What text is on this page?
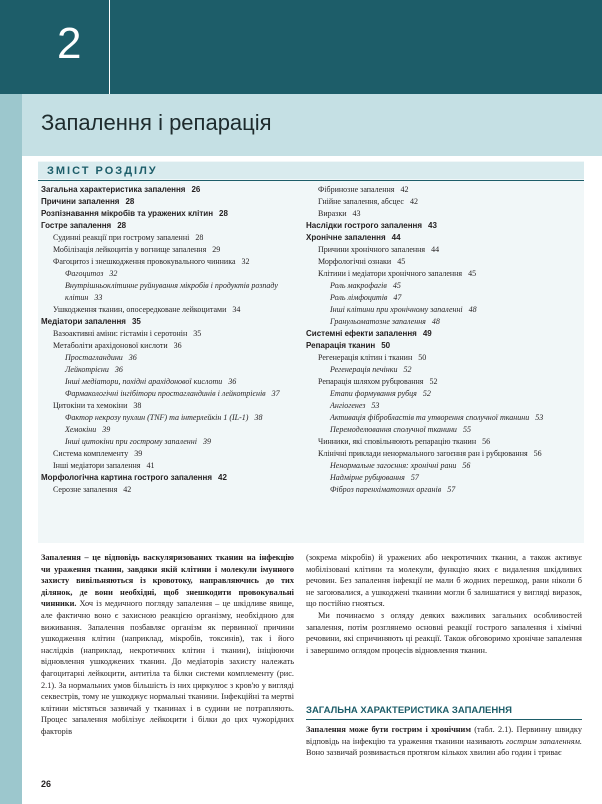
2
Запалення і репарація
ЗМІСТ РОЗДІЛУ
Загальна характеристика запалення 26
Причини запалення 28
Розпізнавання мікробів та уражених клітин 28
Гостре запалення 28
Судинні реакції при гострому запаленні 28
Мобілізація лейкоцитів у вогнище запалення 29
Фагоцитоз і знешкодження провокувального чинника 32
Фагоцитоз 32
Внутрішньоклітинне руйнування мікробів і продуктів розпаду клітин 33
Ушкодження тканин, опосередковане лейкоцитами 34
Медіатори запалення 35
Вазоактивні аміни: гістамін і серотонін 35
Метаболіти арахідонової кислоти 36
Простагландини 36
Лейкотрієни 36
Інші медіатори, похідні арахідонової кислоти 36
Фармакологічні інгібітори простагландинів і лейкотрієнів 37
Цитокіни та хемокіни 38
Фактор некрозу пухлин (TNF) та інтерлейкін 1 (IL-1) 38
Хемокіни 39
Інші цитокіни при гострому запаленні 39
Система комплементу 39
Інші медіатори запалення 41
Морфологічна картина гострого запалення 42
Серозне запалення 42
Фібринозне запалення 42
Гнійне запалення, абсцес 42
Виразки 43
Наслідки гострого запалення 43
Хронічне запалення 44
Причини хронічного запалення 44
Морфологічні ознаки 45
Клітини і медіатори хронічного запалення 45
Роль макрофагів 45
Роль лімфоцитів 47
Інші клітини при хронічному запаленні 48
Гранульоматозне запалення 48
Системні ефекти запалення 49
Репарація тканин 50
Регенерація клітин і тканин 50
Регенерація печінки 52
Репарація шляхом рубцювання 52
Етапи формування рубця 52
Ангіогенез 53
Активація фібробластів та утворення сполучної тканини 53
Перемоделювання сполучної тканини 55
Чинники, які сповільнюють репарацію тканин 56
Клінічні приклади ненормального загоєння ран і рубцювання 56
Ненормальне загоєння: хронічні рани 56
Надмірне рубцювання 57
Фіброз паренхіматозних органів 57

Запалення – це відповідь васкуляризованих тканин на інфекцію чи ураження тканин, завдяки якій клітини і молекули імунного захисту вивільняються із кровотоку, направляючись до тих ділянок, де вони необхідні, щоб знешкодити провокувальні чинники. Хоч із медичного погляду запалення – це шкідливе явище, але фактично воно є захисною реакцією організму, необхідною для виживання. Запалення позбавляє організм як первинної причини ушкодження клітин (наприклад, мікробів, токсинів), так і його наслідків (наприклад, некротичних клітин і тканин), ініціюючи відновлення ушкоджених тканин. До медіаторів захисту належать фагоцитарні лейкоцити, антитіла та білки системи комплементу (рис. 2.1). За нормальних умов більшість із них циркулює з кров'ю у вигляді секвестрів, тому не ушкоджує нормальні тканини. Інфекційні та мертві клітини містяться зазвичай у тканинах і в судини не потрапляють. Процес запалення мобілізує лейкоцити і білки до цих чужорідних факторів

(зокрема мікробів) й уражених або некротичних тканин, а також активує мобілізовані клітини та молекули, функцію яких є видалення шкідливих речовин. Без запалення інфекції не мали б жодних перешкод, рани ніколи б не загоювалися, а ушкоджені тканини могли б залишатися у вигляді виразок, що постійно гнояться.

Ми починаємо з огляду деяких важливих загальних особливостей запалення, потім розглянемо основні реакції гострого запалення і хімічні речовини, які спричиняють ці реакції. Також обговоримо хронічне запалення і завершимо оглядом процесів відновлення тканин.

ЗАГАЛЬНА ХАРАКТЕРИСТИКА ЗАПАЛЕННЯ

Запалення може бути гострим і хронічним (табл. 2.1). Первинну швидку відповідь на інфекцію та ураження тканини називають гострим запаленням. Воно зазвичай розвивається протягом кількох хвилин або годин і триває

26
